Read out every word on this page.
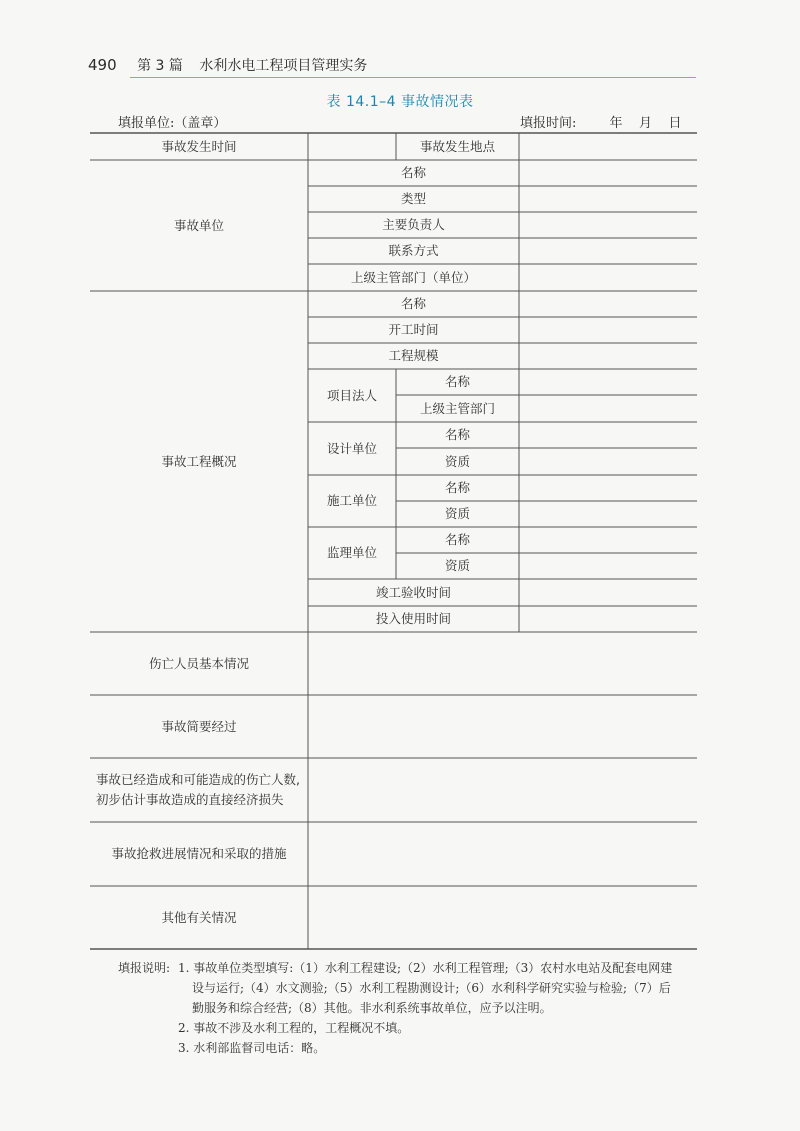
490 第 3 篇 水利水电工程项目管理实务
表 14.1–4 事故情况表
填报单位:（盖章）	填报时间:        年    月    日
事故发生时间	事故发生地点
事故单位
名称
类型
主要负责人
联系方式
上级主管部门（单位）
事故工程概况
名称
开工时间
工程规模
项目法人
名称
上级主管部门
设计单位
名称
资质
施工单位
名称
资质
监理单位
名称
资质
竣工验收时间
投入使用时间
伤亡人员基本情况
事故简要经过
事故已经造成和可能造成的伤亡人数,
初步估计事故造成的直接经济损失
事故抢救进展情况和采取的措施
其他有关情况
填报说明: 1. 事故单位类型填写:（1）水利工程建设;（2）水利工程管理;（3）农村水电站及配套电网建
设与运行;（4）水文测验;（5）水利工程勘测设计;（6）水利科学研究实验与检验;（7）后
勤服务和综合经营;（8）其他。非水利系统事故单位，应予以注明。
2. 事故不涉及水利工程的，工程概况不填。
3. 水利部监督司电话：略。
